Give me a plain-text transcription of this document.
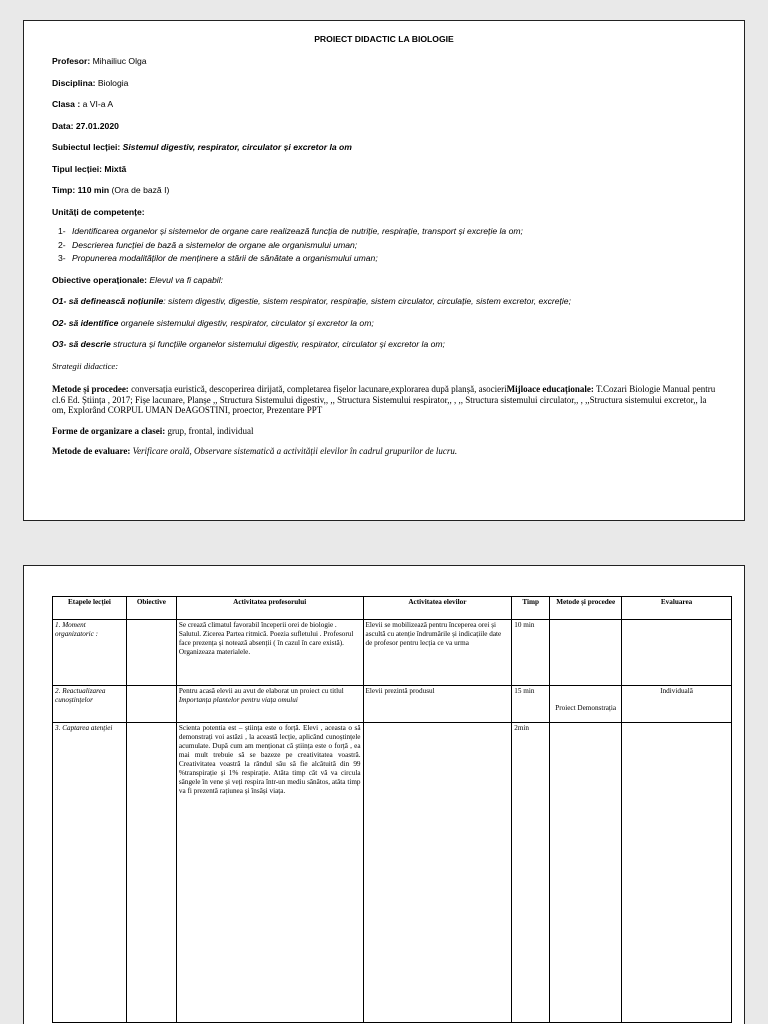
PROIECT DIDACTIC LA BIOLOGIE
Profesor: Mihailiuc Olga
Disciplina: Biologia
Clasa : a VI-a A
Data: 27.01.2020
Subiectul lecției: Sistemul digestiv, respirator, circulator și excretor la om
Tipul lecției: Mixtă
Timp: 110 min (Ora de bază I)
Unități de competențe:
1- Identificarea organelor și sistemelor de organe care realizează funcția de nutriție, respirație, transport și excreție la om;
2- Descrierea funcției de bază a sistemelor de organe ale organismului uman;
3- Propunerea modalităților de menținere a stării de sănătate a organismului uman;
Obiective operaționale: Elevul va fi capabil:
O1- să definească noțiunile: sistem digestiv, digestie, sistem respirator, respirație, sistem circulator, circulație, sistem excretor, excreție;
O2- să identifice organele sistemului digestiv, respirator, circulator și excretor la om;
O3- să descrie structura și funcțiile organelor sistemului digestiv, respirator, circulator și excretor la om;
Strategii didactice:

Metode și procedee: conversația euristică, descoperirea dirijată, completarea fișelor lacunare,explorarea după planșă, asocieriMijloace educaționale: T.Cozari Biologie Manual pentru cl.6 Ed. Știința , 2017; Fișe lacunare, Planșe ,, Structura Sistemului digestiv,, ,, Structura Sistemului respirator,, , ,, Structura sistemului circulator,, , ,,Structura sistemului excretor,, la om, Explorând CORPUL UMAN DeAGOSTINI, proector, Prezentare PPT

Forme de organizare a clasei: grup, frontal, individual

Metode de evaluare: Verificare orală, Observare sistematică a activității elevilor în cadrul grupurilor de lucru.

Etapele lecției	Obiective	Activitatea profesorului	Activitatea elevilor	Timp	Metode și procedee	Evaluarea
1. Moment organizatoric :		Se crează climatul favorabil începerii orei de biologie . Salutul. Zicerea Partea ritmică. Poezia sufletului . Profesorul face prezența și notează absenții ( în cazul în care există). Organizeaza materialele.	Elevii se mobilizează pentru începerea orei și ascultă cu atenție îndrumările și indicațiile date de profesor pentru lecția ce va urma	10 min		
2. Reactualizarea cunoștințelor		Pentru acasă elevii au avut de elaborat un proiect cu titlul Importanța plantelor pentru viața omului	Elevii prezintă produsul	15 min	Proiect Demonstrația	Individuală
3. Captarea atenției		Scienta potentia est – știința este o forță. Elevi , aceasta o să demonstrați voi astăzi , la această lecție, aplicând cunoștințele acumulate. După cum am menționat că știința este o forță , ea mai mult trebuie să se bazeze pe creativitatea voastră. Creativitatea voastră la rândul său să fie alcătuită din 99 %transpirație și 1% respirație. Atâta timp cât vă va circula sângele în vene și veți respira într-un mediu sănătos, atâta timp va fi prezentă rațiunea și însăși viața.		2min		
